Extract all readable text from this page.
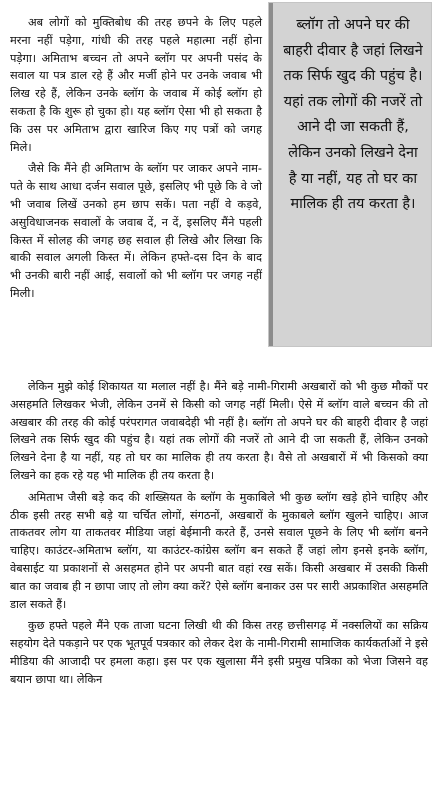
अब लोगों को मुक्तिबोध की तरह छपने के लिए पहले मरना नहीं पड़ेगा, गांधी की तरह पहले महात्मा नहीं होना पड़ेगा। अमिताभ बच्चन तो अपने ब्लॉग पर अपनी पसंद के सवाल या पत्र डाल रहे हैं और मर्जी होने पर उनके जवाब भी लिख रहे हैं, लेकिन उनके ब्लॉग के जवाब में कोई ब्लॉग हो सकता है कि शुरू हो चुका हो। यह ब्लॉग ऐसा भी हो सकता है कि उस पर अमिताभ द्वारा खारिज किए गए पत्रों को जगह मिले।

जैसे कि मैंने ही अमिताभ के ब्लॉग पर जाकर अपने नाम-पते के साथ आधा दर्जन सवाल पूछे, इसलिए भी पूछे कि वे जो भी जवाब लिखें उनको हम छाप सकें। पता नहीं वे कड़वे, असुविधाजनक सवालों के जवाब दें, न दें, इसलिए मैंने पहली किस्त में सोलह की जगह छह सवाल ही लिखे और लिखा कि बाकी सवाल अगली किस्त में। लेकिन हफ्ते-दस दिन के बाद भी उनकी बारी नहीं आई, सवालों को भी ब्लॉग पर जगह नहीं मिली।

ब्लॉग तो अपने घर की बाहरी दीवार है जहां लिखने तक सिर्फ खुद की पहुंच है। यहां तक लोगों की नजरें तो आने दी जा सकती हैं, लेकिन उनको लिखने देना है या नहीं, यह तो घर का मालिक ही तय करता है।

लेकिन मुझे कोई शिकायत या मलाल नहीं है। मैंने बड़े नामी-गिरामी अखबारों को भी कुछ मौकों पर असहमति लिखकर भेजी, लेकिन उनमें से किसी को जगह नहीं मिली। ऐसे में ब्लॉग वाले बच्चन की तो अखबार की तरह की कोई परंपरागत जवाबदेही भी नहीं है। ब्लॉग तो अपने घर की बाहरी दीवार है जहां लिखने तक सिर्फ खुद की पहुंच है। यहां तक लोगों की नजरें तो आने दी जा सकती हैं, लेकिन उनको लिखने देना है या नहीं, यह तो घर का मालिक ही तय करता है। वैसे तो अखबारों में भी किसको क्या लिखने का हक रहे यह भी मालिक ही तय करता है।

अमिताभ जैसी बड़े कद की शख्सियत के ब्लॉग के मुकाबिले भी कुछ ब्लॉग खड़े होने चाहिए और ठीक इसी तरह सभी बड़े या चर्चित लोगों, संगठनों, अखबारों के मुकाबले ब्लॉग खुलने चाहिए। आज ताकतवर लोग या ताकतवर मीडिया जहां बेईमानी करते हैं, उनसे सवाल पूछने के लिए भी ब्लॉग बनने चाहिए। काउंटर-अमिताभ ब्लॉग, या काउंटर-कांग्रेस ब्लॉग बन सकते हैं जहां लोग इनसे इनके ब्लॉग, वेबसाईट या प्रकाशनों से असहमत होने पर अपनी बात वहां रख सकें। किसी अखबार में उसकी किसी बात का जवाब ही न छापा जाए तो लोग क्या करें? ऐसे ब्लॉग बनाकर उस पर सारी अप्रकाशित असहमति डाल सकते हैं।

कुछ हफ्ते पहले मैंने एक ताजा घटना लिखी थी की किस तरह छत्तीसगढ़ में नक्सलियों का सक्रिय सहयोग देते पकड़ाने पर एक भूतपूर्व पत्रकार को लेकर देश के नामी-गिरामी सामाजिक कार्यकर्ताओं ने इसे मीडिया की आजादी पर हमला कहा। इस पर एक खुलासा मैंने इसी प्रमुख पत्रिका को भेजा जिसने वह बयान छापा था। लेकिन
